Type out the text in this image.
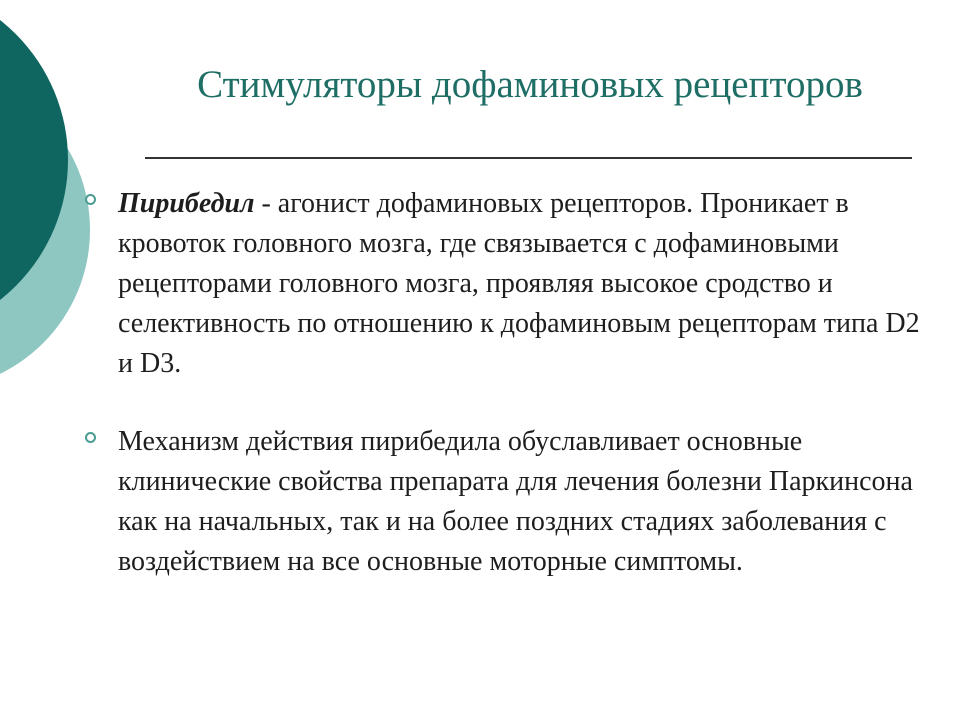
Стимуляторы дофаминовых рецепторов
Пирибедил - агонист дофаминовых рецепторов. Проникает в кровоток головного мозга, где связывается с дофаминовыми рецепторами головного мозга, проявляя высокое сродство и селективность по отношению к дофаминовым рецепторам типа D2 и D3.
Механизм действия пирибедила обуславливает основные клинические свойства препарата для лечения болезни Паркинсона как на начальных, так и на более поздних стадиях заболевания с воздействием на все основные моторные симптомы.
